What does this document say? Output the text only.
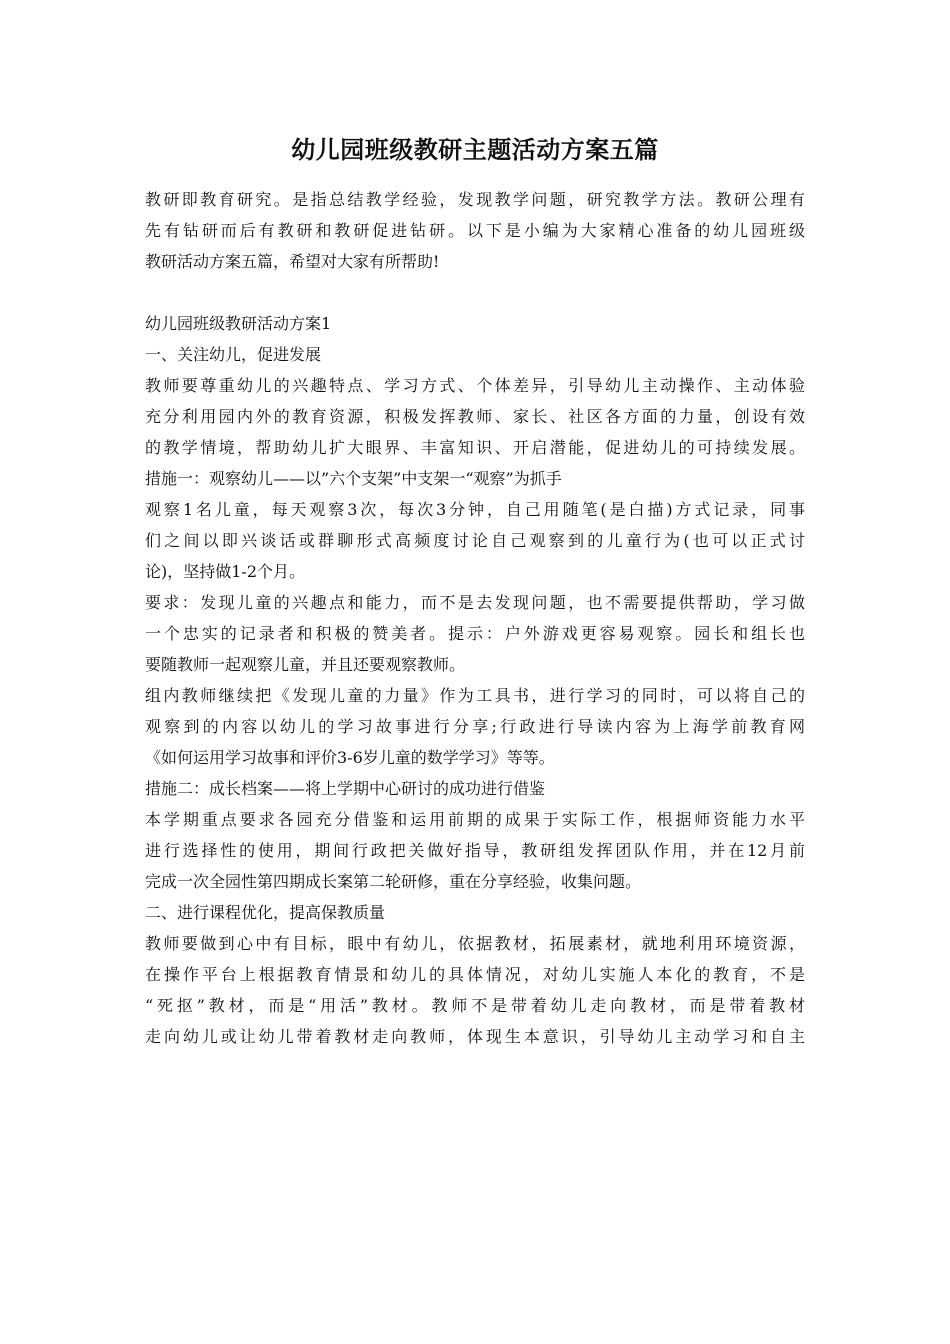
幼儿园班级教研主题活动方案五篇
教研即教育研究。是指总结教学经验，发现教学问题，研究教学方法。教研公理有
先有钻研而后有教研和教研促进钻研。以下是小编为大家精心准备的幼儿园班级
教研活动方案五篇，希望对大家有所帮助!
幼儿园班级教研活动方案1
一、关注幼儿，促进发展
教师要尊重幼儿的兴趣特点、学习方式、个体差异，引导幼儿主动操作、主动体验
充分利用园内外的教育资源，积极发挥教师、家长、社区各方面的力量，创设有效
的教学情境，帮助幼儿扩大眼界、丰富知识、开启潜能，促进幼儿的可持续发展。
措施一：观察幼儿——以”六个支架”中支架一“观察”为抓手
观察1名儿童，每天观察3次，每次3分钟，自己用随笔(是白描)方式记录，同事
们之间以即兴谈话或群聊形式高频度讨论自己观察到的儿童行为(也可以正式讨
论)，坚持做1-2个月。
要求：发现儿童的兴趣点和能力，而不是去发现问题，也不需要提供帮助，学习做
一个忠实的记录者和积极的赞美者。提示：户外游戏更容易观察。园长和组长也
要随教师一起观察儿童，并且还要观察教师。
组内教师继续把《发现儿童的力量》作为工具书，进行学习的同时，可以将自己的
观察到的内容以幼儿的学习故事进行分享;行政进行导读内容为上海学前教育网
《如何运用学习故事和评价3-6岁儿童的数学学习》等等。
措施二：成长档案——将上学期中心研讨的成功进行借鉴
本学期重点要求各园充分借鉴和运用前期的成果于实际工作，根据师资能力水平
进行选择性的使用，期间行政把关做好指导，教研组发挥团队作用，并在12月前
完成一次全园性第四期成长案第二轮研修，重在分享经验，收集问题。
二、进行课程优化，提高保教质量
教师要做到心中有目标，眼中有幼儿，依据教材，拓展素材，就地利用环境资源，
在操作平台上根据教育情景和幼儿的具体情况，对幼儿实施人本化的教育，不是
“死抠”教材，而是“用活”教材。教师不是带着幼儿走向教材，而是带着教材
走向幼儿或让幼儿带着教材走向教师，体现生本意识，引导幼儿主动学习和自主
